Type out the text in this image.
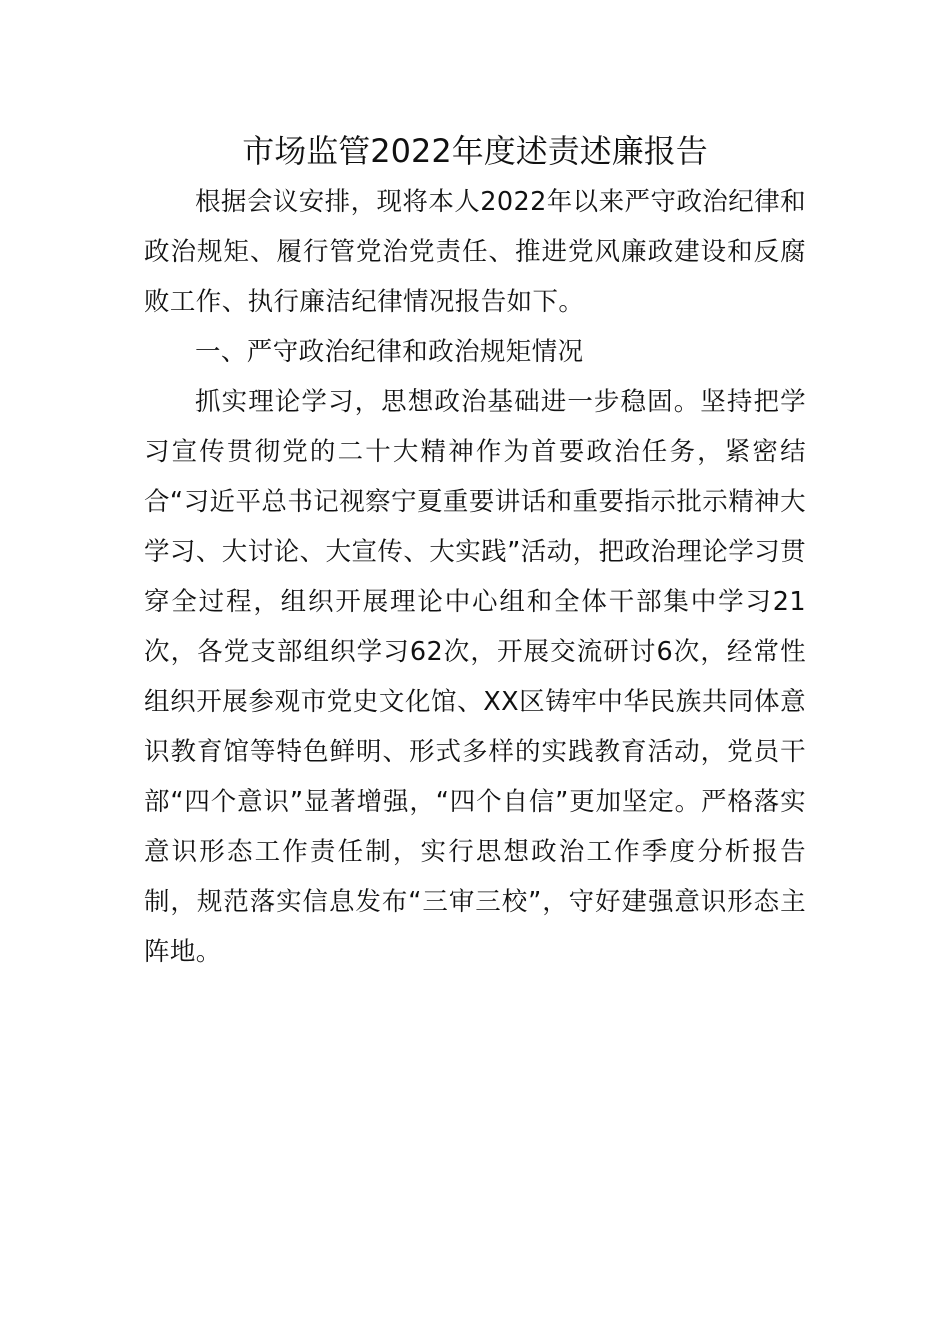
市场监管2022年度述责述廉报告

根据会议安排，现将本人2022年以来严守政治纪律和政治规矩、履行管党治党责任、推进党风廉政建设和反腐败工作、执行廉洁纪律情况报告如下。

一、严守政治纪律和政治规矩情况

抓实理论学习，思想政治基础进一步稳固。坚持把学习宣传贯彻党的二十大精神作为首要政治任务，紧密结合“习近平总书记视察宁夏重要讲话和重要指示批示精神大学习、大讨论、大宣传、大实践”活动，把政治理论学习贯穿全过程，组织开展理论中心组和全体干部集中学习21次，各党支部组织学习62次，开展交流研讨6次，经常性组织开展参观市党史文化馆、XX区铸牢中华民族共同体意识教育馆等特色鲜明、形式多样的实践教育活动，党员干部“四个意识”显著增强，“四个自信”更加坚定。严格落实意识形态工作责任制，实行思想政治工作季度分析报告制，规范落实信息发布“三审三校”，守好建强意识形态主阵地。
